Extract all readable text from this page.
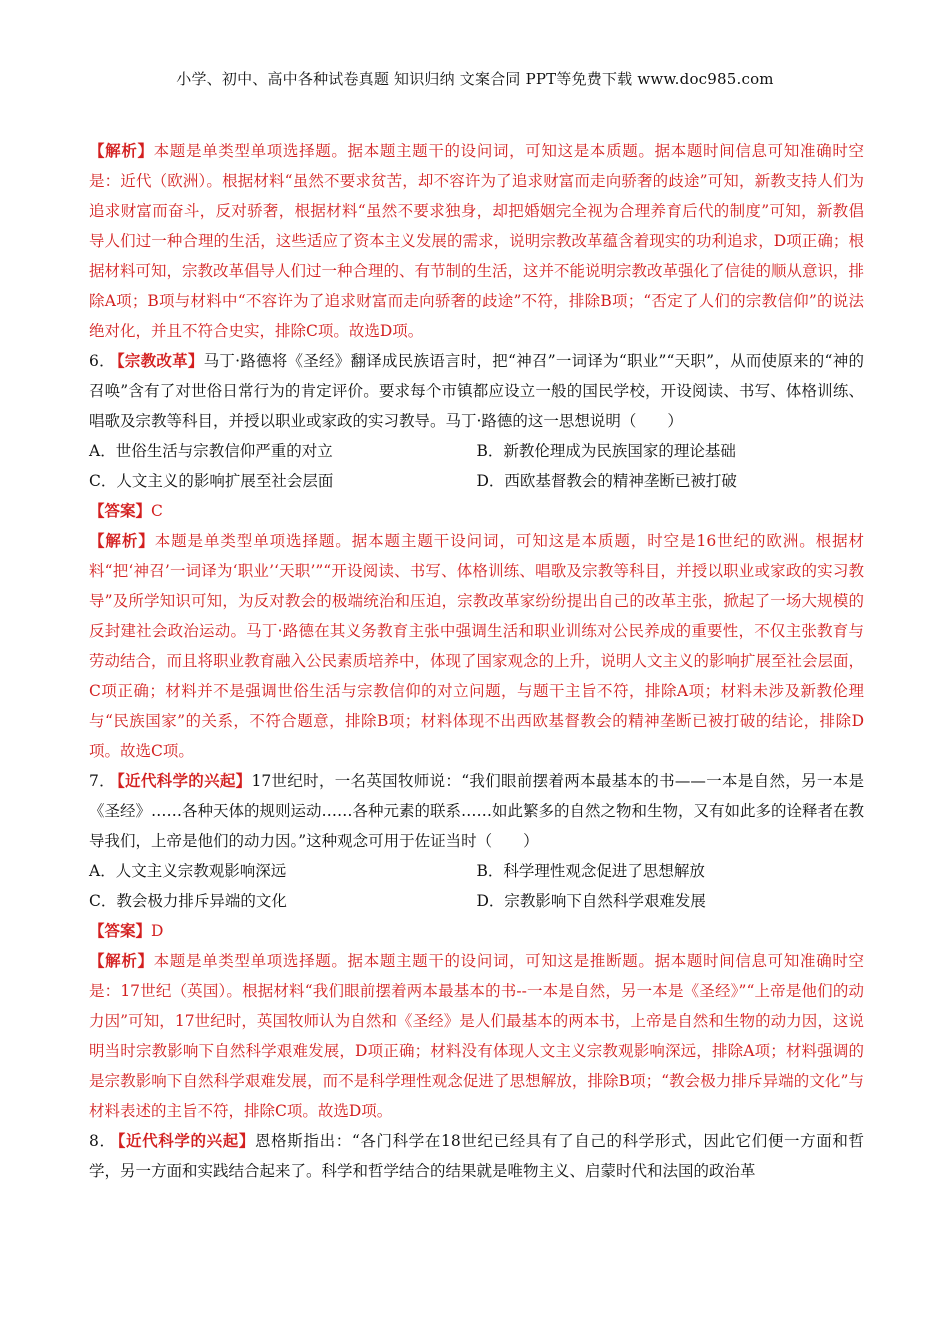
小学、初中、高中各种试卷真题 知识归纳 文案合同 PPT等免费下载 www.doc985.com

【解析】本题是单类型单项选择题。据本题主题干的设问词，可知这是本质题。据本题时间信息可知准确时空是：近代（欧洲）。根据材料“虽然不要求贫苦，却不容许为了追求财富而走向骄奢的歧途”可知，新教支持人们为追求财富而奋斗，反对骄奢，根据材料“虽然不要求独身，却把婚姻完全视为合理养育后代的制度”可知，新教倡导人们过一种合理的生活，这些适应了资本主义发展的需求，说明宗教改革蕴含着现实的功利追求，D项正确；根据材料可知，宗教改革倡导人们过一种合理的、有节制的生活，这并不能说明宗教改革强化了信徒的顺从意识，排除A项；B项与材料中“不容许为了追求财富而走向骄奢的歧途”不符，排除B项；“否定了人们的宗教信仰”的说法绝对化，并且不符合史实，排除C项。故选D项。

6． 【宗教改革】马丁·路德将《圣经》翻译成民族语言时，把“神召”一词译为“职业”“天职”，从而使原来的“神的召唤”含有了对世俗日常行为的肯定评价。要求每个市镇都应设立一般的国民学校，开设阅读、书写、体格训练、唱歌及宗教等科目，并授以职业或家政的实习教导。马丁·路德的这一思想说明（　　）

A．世俗生活与宗教信仰严重的对立	B．新教伦理成为民族国家的理论基础
C．人文主义的影响扩展至社会层面	D．西欧基督教会的精神垄断已被打破

【答案】C

【解析】本题是单类型单项选择题。据本题主题干设问词，可知这是本质题，时空是16世纪的欧洲。根据材料“把‘神召’一词译为‘职业’‘天职’”“开设阅读、书写、体格训练、唱歌及宗教等科目，并授以职业或家政的实习教导”及所学知识可知，为反对教会的极端统治和压迫，宗教改革家纷纷提出自己的改革主张，掀起了一场大规模的反封建社会政治运动。马丁·路德在其义务教育主张中强调生活和职业训练对公民养成的重要性，不仅主张教育与劳动结合，而且将职业教育融入公民素质培养中，体现了国家观念的上升，说明人文主义的影响扩展至社会层面，C项正确；材料并不是强调世俗生活与宗教信仰的对立问题，与题干主旨不符，排除A项；材料未涉及新教伦理与“民族国家”的关系，不符合题意，排除B项；材料体现不出西欧基督教会的精神垄断已被打破的结论，排除D项。故选C项。

7． 【近代科学的兴起】17世纪时，一名英国牧师说：“我们眼前摆着两本最基本的书——一本是自然，另一本是《圣经》……各种天体的规则运动……各种元素的联系……如此繁多的自然之物和生物，又有如此多的诠释者在教导我们，上帝是他们的动力因。”这种观念可用于佐证当时（　　）

A．人文主义宗教观影响深远	B．科学理性观念促进了思想解放
C．教会极力排斥异端的文化	D．宗教影响下自然科学艰难发展

【答案】D

【解析】本题是单类型单项选择题。据本题主题干的设问词，可知这是推断题。据本题时间信息可知准确时空是：17世纪（英国）。根据材料“我们眼前摆着两本最基本的书--一本是自然，另一本是《圣经》”“上帝是他们的动力因”可知，17世纪时，英国牧师认为自然和《圣经》是人们最基本的两本书，上帝是自然和生物的动力因，这说明当时宗教影响下自然科学艰难发展，D项正确；材料没有体现人文主义宗教观影响深远，排除A项；材料强调的是宗教影响下自然科学艰难发展，而不是科学理性观念促进了思想解放，排除B项；“教会极力排斥异端的文化”与材料表述的主旨不符，排除C项。故选D项。

8． 【近代科学的兴起】恩格斯指出：“各门科学在18世纪已经具有了自己的科学形式，因此它们便一方面和哲学，另一方面和实践结合起来了。科学和哲学结合的结果就是唯物主义、启蒙时代和法国的政治革
